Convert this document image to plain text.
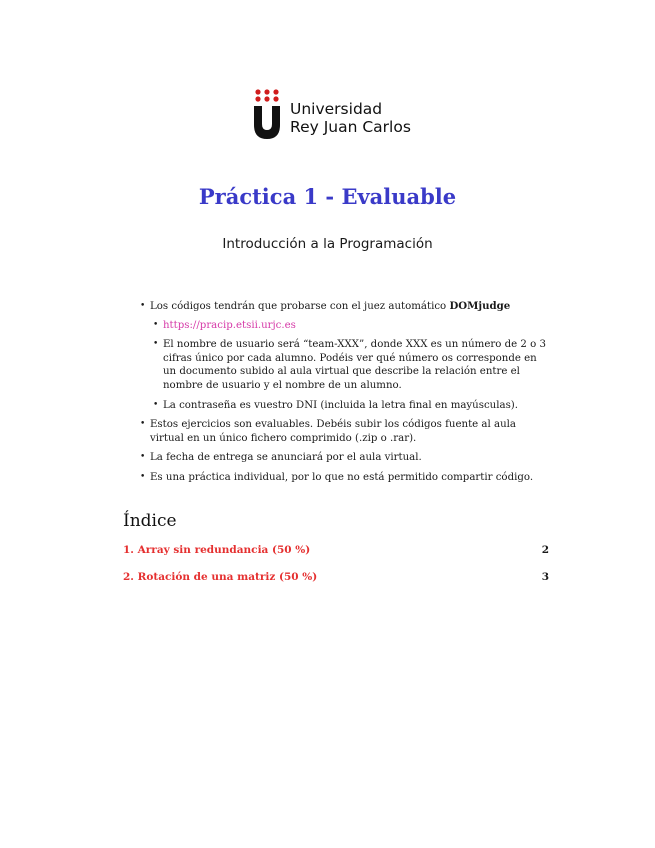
Universidad
Rey Juan Carlos
Práctica 1 - Evaluable
Introducción a la Programación
• Los códigos tendrán que probarse con el juez automático DOMjudge
• https://pracip.etsii.urjc.es
• El nombre de usuario será “team-XXX”, donde XXX es un número de 2 o 3 cifras único por cada alumno. Podéis ver qué número os corresponde en un documento subido al aula virtual que describe la relación entre el nombre de usuario y el nombre de un alumno.
• La contraseña es vuestro DNI (incluida la letra final en mayúsculas).
• Estos ejercicios son evaluables. Debéis subir los códigos fuente al aula virtual en un único fichero comprimido (.zip o .rar).
• La fecha de entrega se anunciará por el aula virtual.
• Es una práctica individual, por lo que no está permitido compartir código.
Índice
1. Array sin redundancia (50 %)	2
2. Rotación de una matriz (50 %)	3
